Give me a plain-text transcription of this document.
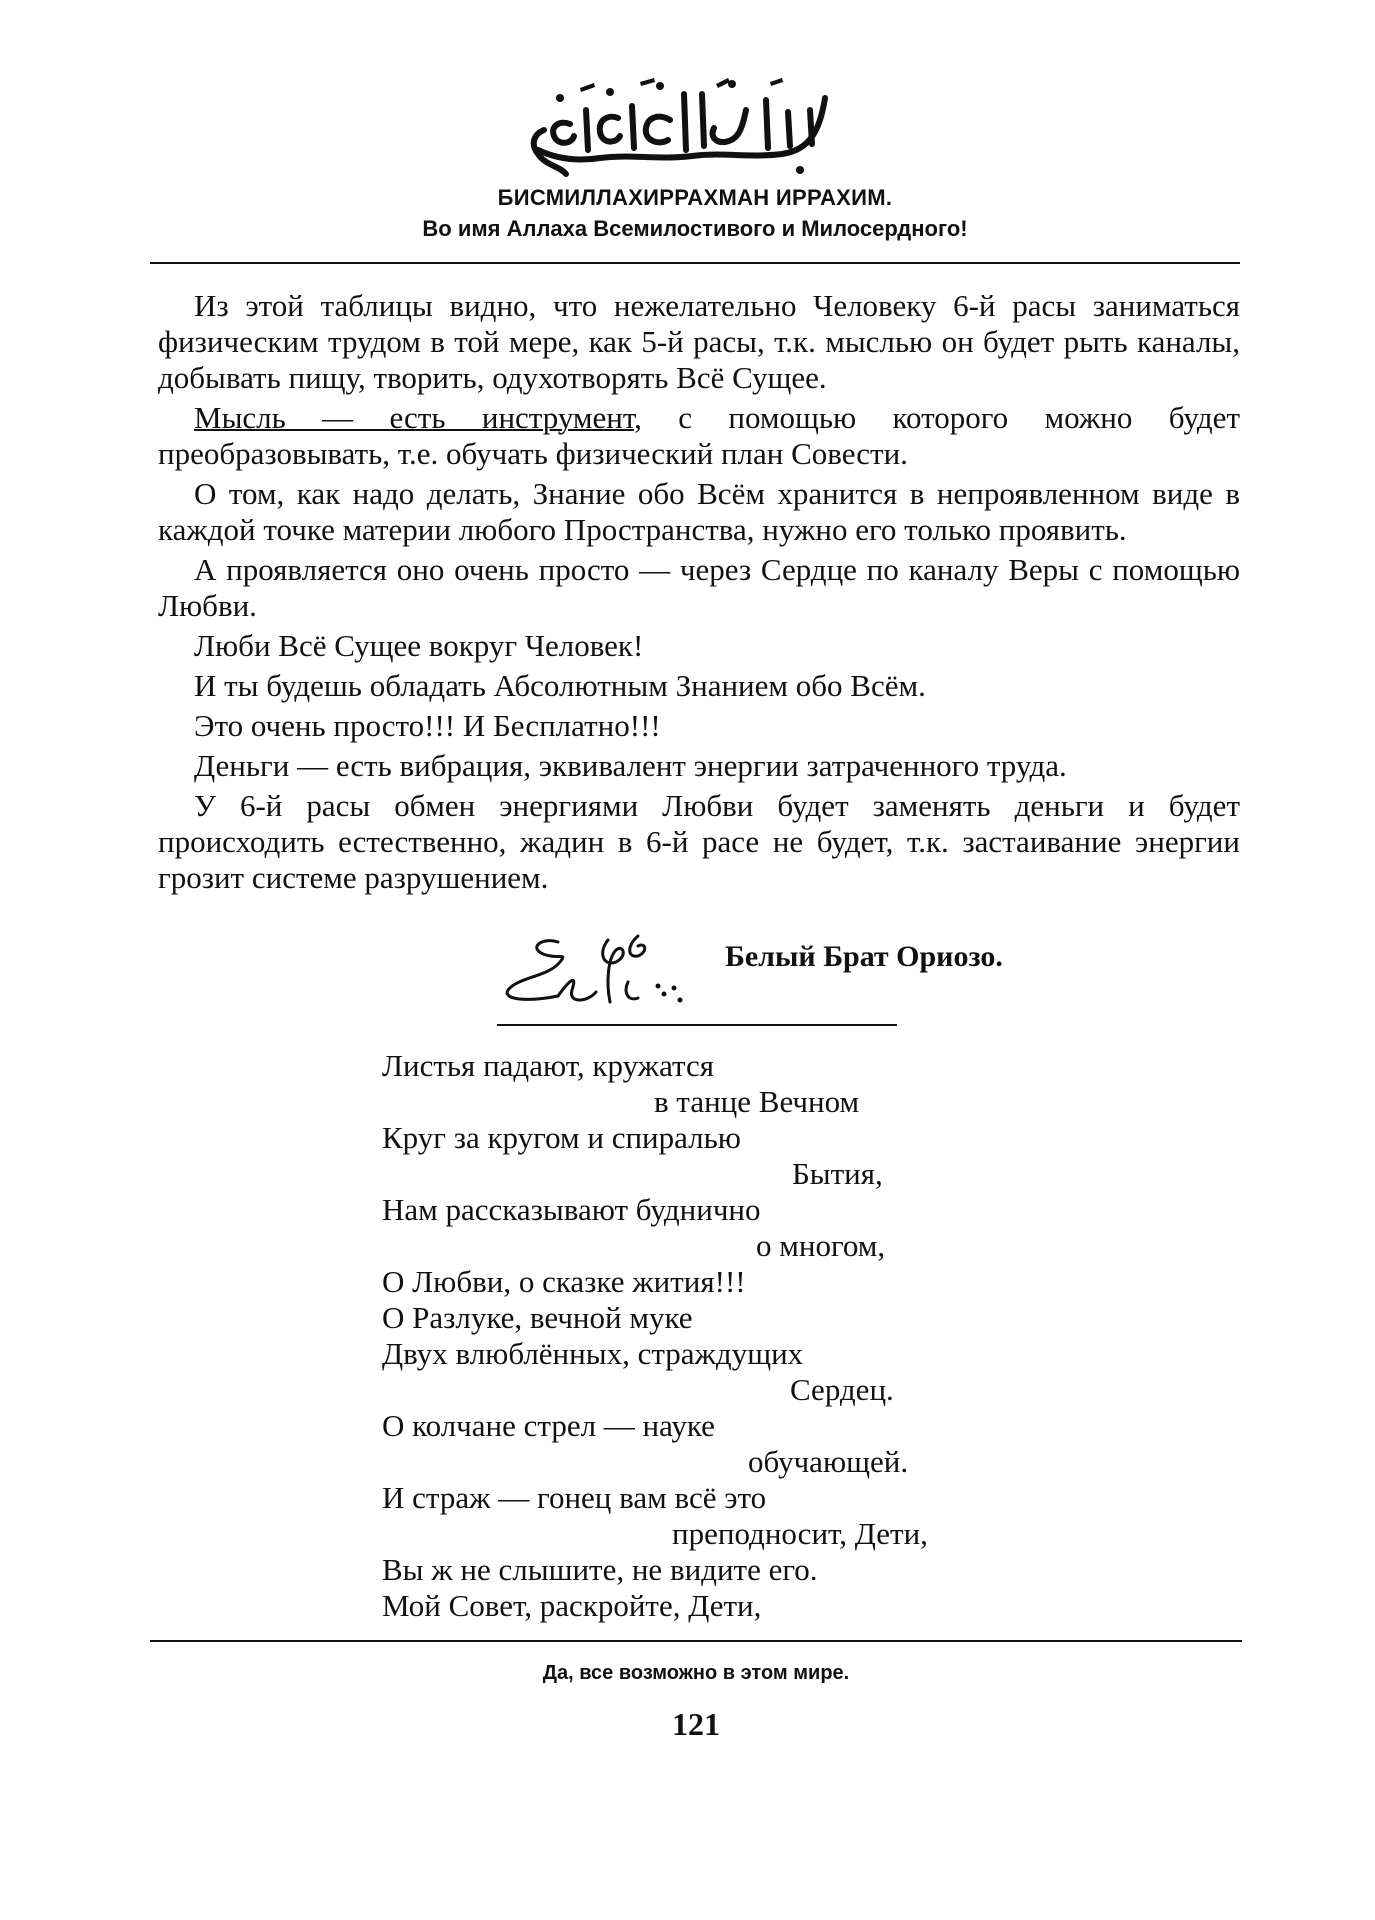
БИСМИЛЛАХИРРАХМАН ИРРАХИМ.
Во имя Аллаха Всемилостивого и Милосердного!

Из этой таблицы видно, что нежелательно Человеку 6-й расы заниматься физическим трудом в той мере, как 5-й расы, т.к. мыслью он будет рыть каналы, добывать пищу, творить, одухотворять Всё Сущее.

Мысль — есть инструмент, с помощью которого можно будет преобразовывать, т.е. обучать физический план Совести.

О том, как надо делать, Знание обо Всём хранится в непроявленном виде в каждой точке материи любого Пространства, нужно его только проявить.

А проявляется оно очень просто — через Сердце по каналу Веры с помощью Любви.

Люби Всё Сущее вокруг Человек!

И ты будешь обладать Абсолютным Знанием обо Всём.

Это очень просто!!! И Бесплатно!!!

Деньги — есть вибрация, эквивалент энергии затраченного труда.

У 6-й расы обмен энергиями Любви будет заменять деньги и будет происходить естественно, жадин в 6-й расе не будет, т.к. застаивание энергии грозит системе разрушением.

Белый Брат Ориозо.
Листья падают, кружатся
в танце Вечном
Круг за кругом и спиралью
Бытия,
Нам рассказывают буднично
о многом,
О Любви, о сказке жития!!!
О Разлуке, вечной муке
Двух влюблённых, страждущих
Сердец.
О колчане стрел — науке
обучающей.
И страж — гонец вам всё это
преподносит, Дети,
Вы ж не слышите, не видите его.
Мой Совет, раскройте, Дети,
Да, все возможно в этом мире.
121
